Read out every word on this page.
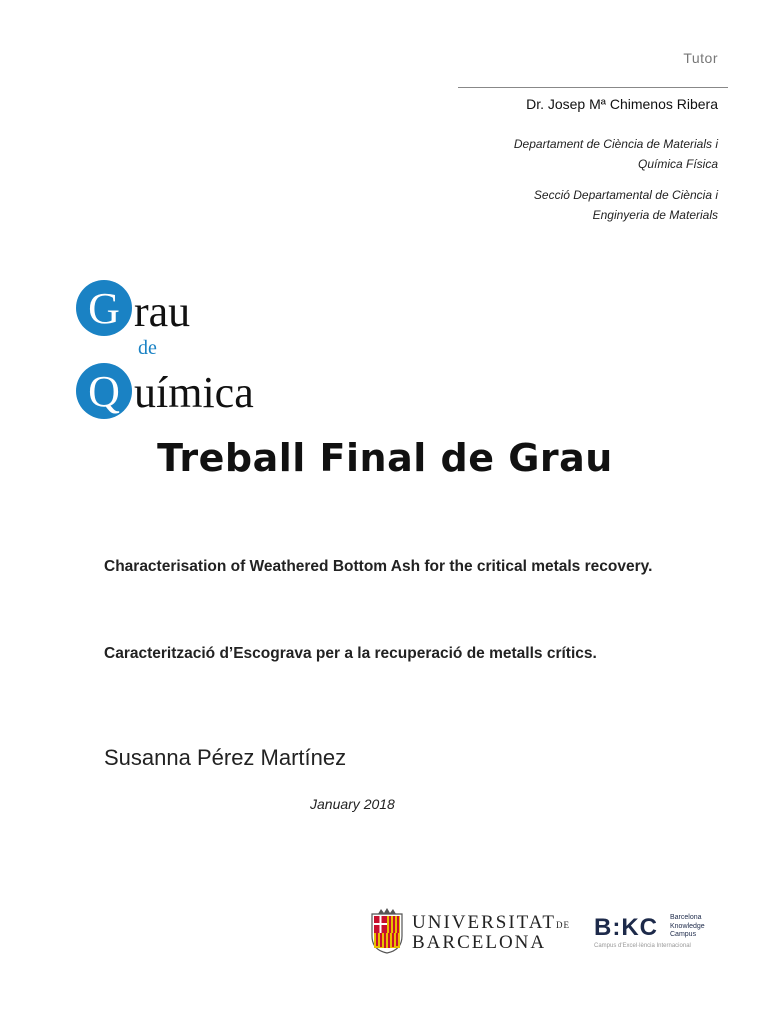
Tutor
Dr. Josep Mª Chimenos Ribera
Departament de Ciència de Materials i
Química Física
Secció Departamental de Ciència i
Enginyeria de Materials
G rau
de
Q uímica
Treball Final de Grau
Characterisation of Weathered Bottom Ash for the critical metals recovery.
Caracterització d’Escograva per a la recuperació de metalls crítics.
Susanna Pérez Martínez
January 2018
UNIVERSITATDE
BARCELONA
B:KC Barcelona
Knowledge
Campus
Campus d'Excel·lència Internacional
